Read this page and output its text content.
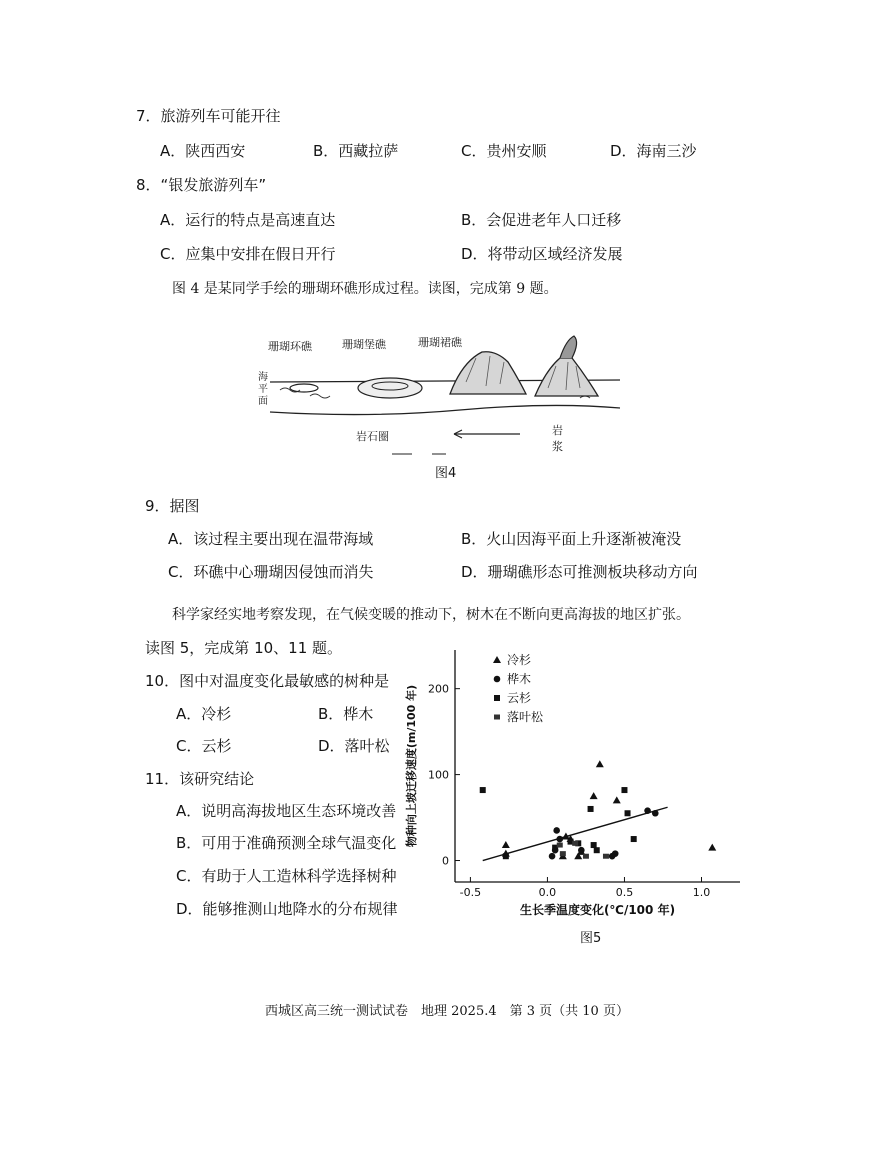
7．旅游列车可能开往
A．陕西西安	B．西藏拉萨	C．贵州安顺	D．海南三沙
8．“银发旅游列车”
A．运行的特点是高速直达	B．会促进老年人口迁移
C．应集中安排在假日开行	D．将带动区域经济发展
图 4 是某同学手绘的珊瑚环礁形成过程。读图，完成第 9 题。
珊瑚环礁	珊瑚堡礁	珊瑚裙礁
海
平
面
岩石圈	岩
浆
图4
9．据图
A．该过程主要出现在温带海域	B．火山因海平面上升逐渐被淹没
C．环礁中心珊瑚因侵蚀而消失	D．珊瑚礁形态可推测板块移动方向
科学家经实地考察发现，在气候变暖的推动下，树木在不断向更高海拔的地区扩张。
读图 5，完成第 10、11 题。
10．图中对温度变化最敏感的树种是
A．冷杉	B．桦木
C．云杉	D．落叶松
11．该研究结论
A．说明高海拔地区生态环境改善
B．可用于准确预测全球气温变化
C．有助于人工造林科学选择树种
D．能够推测山地降水的分布规律
0
100
200
-0.5	0.0	0.5	1.0
生长季温度变化(℃/100 年)
物种向上坡迁移速度(m/100 年)
冷杉
桦木
云杉
落叶松
图5
西城区高三统一测试试卷　地理 2025.4　第 3 页（共 10 页）
